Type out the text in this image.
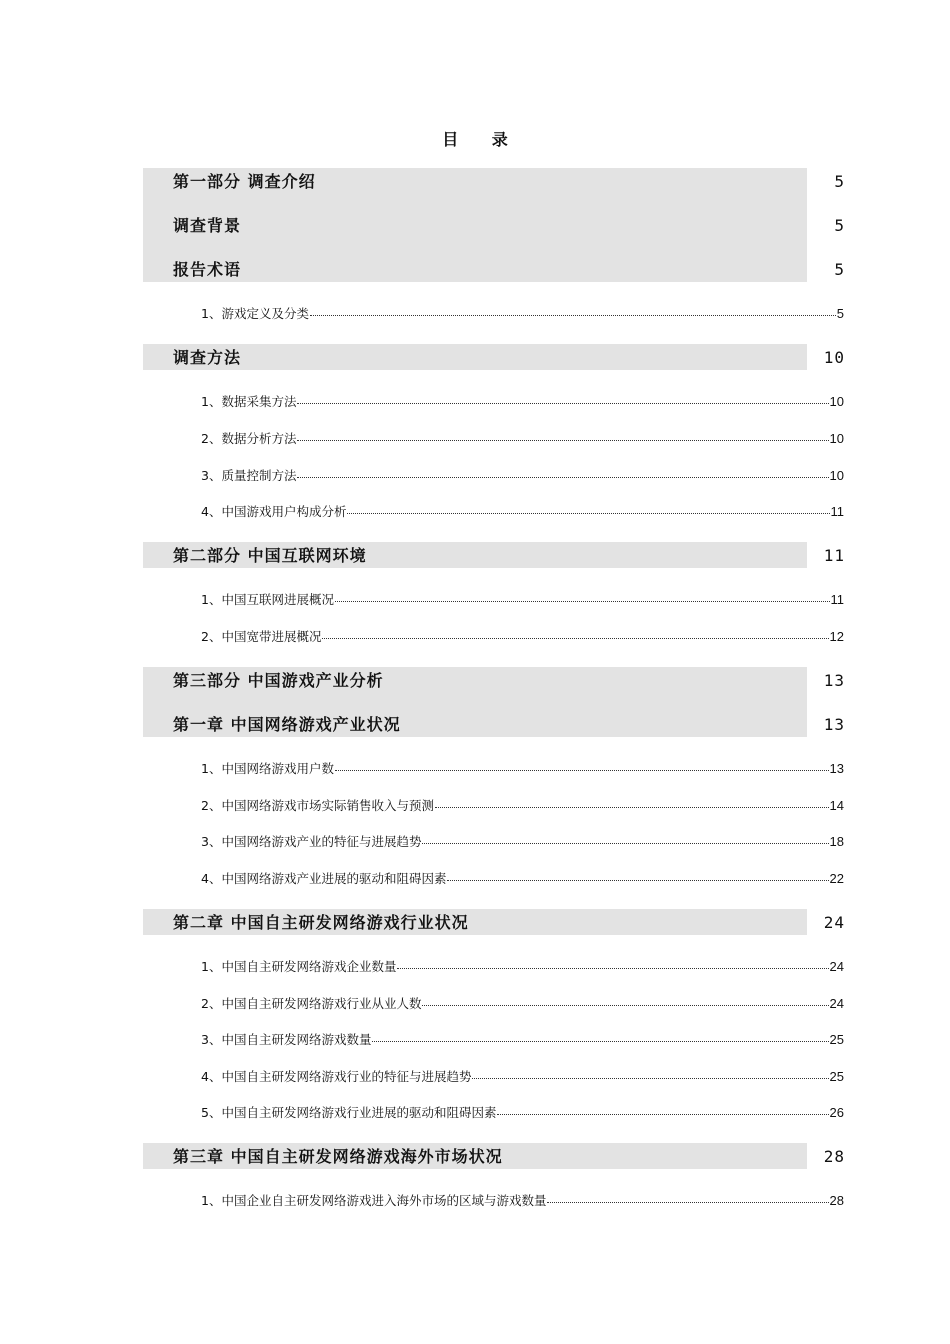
目 录
第一部分 调查介绍	5
调查背景	5
报告术语	5
1、游戏定义及分类	5
调查方法	10
1、数据采集方法	10
2、数据分析方法	10
3、质量控制方法	10
4、中国游戏用户构成分析	11
第二部分 中国互联网环境	11
1、中国互联网进展概况	11
2、中国宽带进展概况	12
第三部分 中国游戏产业分析	13
第一章 中国网络游戏产业状况	13
1、中国网络游戏用户数	13
2、中国网络游戏市场实际销售收入与预测	14
3、中国网络游戏产业的特征与进展趋势	18
4、中国网络游戏产业进展的驱动和阻碍因素	22
第二章 中国自主研发网络游戏行业状况	24
1、中国自主研发网络游戏企业数量	24
2、中国自主研发网络游戏行业从业人数	24
3、中国自主研发网络游戏数量	25
4、中国自主研发网络游戏行业的特征与进展趋势	25
5、中国自主研发网络游戏行业进展的驱动和阻碍因素	26
第三章 中国自主研发网络游戏海外市场状况	28
1、中国企业自主研发网络游戏进入海外市场的区域与游戏数量	28
